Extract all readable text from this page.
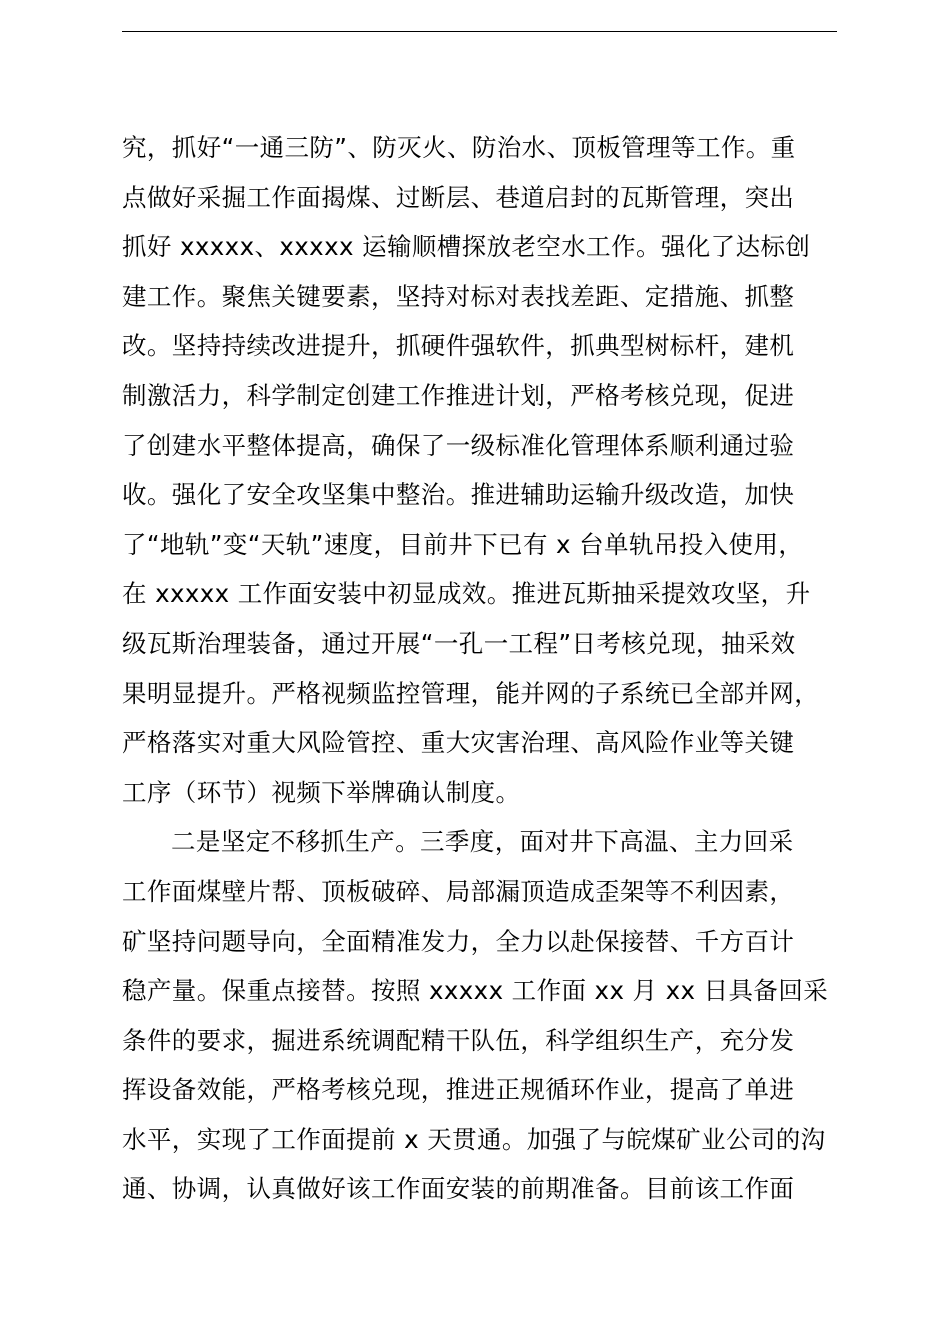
究，抓好“一通三防”、防灭火、防治水、顶板管理等工作。重
点做好采掘工作面揭煤、过断层、巷道启封的瓦斯管理，突出
抓好 xxxxx、xxxxx 运输顺槽探放老空水工作。强化了达标创
建工作。聚焦关键要素，坚持对标对表找差距、定措施、抓整
改。坚持持续改进提升，抓硬件强软件，抓典型树标杆，建机
制激活力，科学制定创建工作推进计划，严格考核兑现，促进
了创建水平整体提高，确保了一级标准化管理体系顺利通过验
收。强化了安全攻坚集中整治。推进辅助运输升级改造，加快
了“地轨”变“天轨”速度，目前井下已有 x 台单轨吊投入使用，
在 xxxxx 工作面安装中初显成效。推进瓦斯抽采提效攻坚，升
级瓦斯治理装备，通过开展“一孔一工程”日考核兑现，抽采效
果明显提升。严格视频监控管理，能并网的子系统已全部并网，
严格落实对重大风险管控、重大灾害治理、高风险作业等关键
工序（环节）视频下举牌确认制度。
二是坚定不移抓生产。三季度，面对井下高温、主力回采
工作面煤壁片帮、顶板破碎、局部漏顶造成歪架等不利因素，
矿坚持问题导向，全面精准发力，全力以赴保接替、千方百计
稳产量。保重点接替。按照 xxxxx 工作面 xx 月 xx 日具备回采
条件的要求，掘进系统调配精干队伍，科学组织生产，充分发
挥设备效能，严格考核兑现，推进正规循环作业，提高了单进
水平，实现了工作面提前 x 天贯通。加强了与皖煤矿业公司的沟
通、协调，认真做好该工作面安装的前期准备。目前该工作面
